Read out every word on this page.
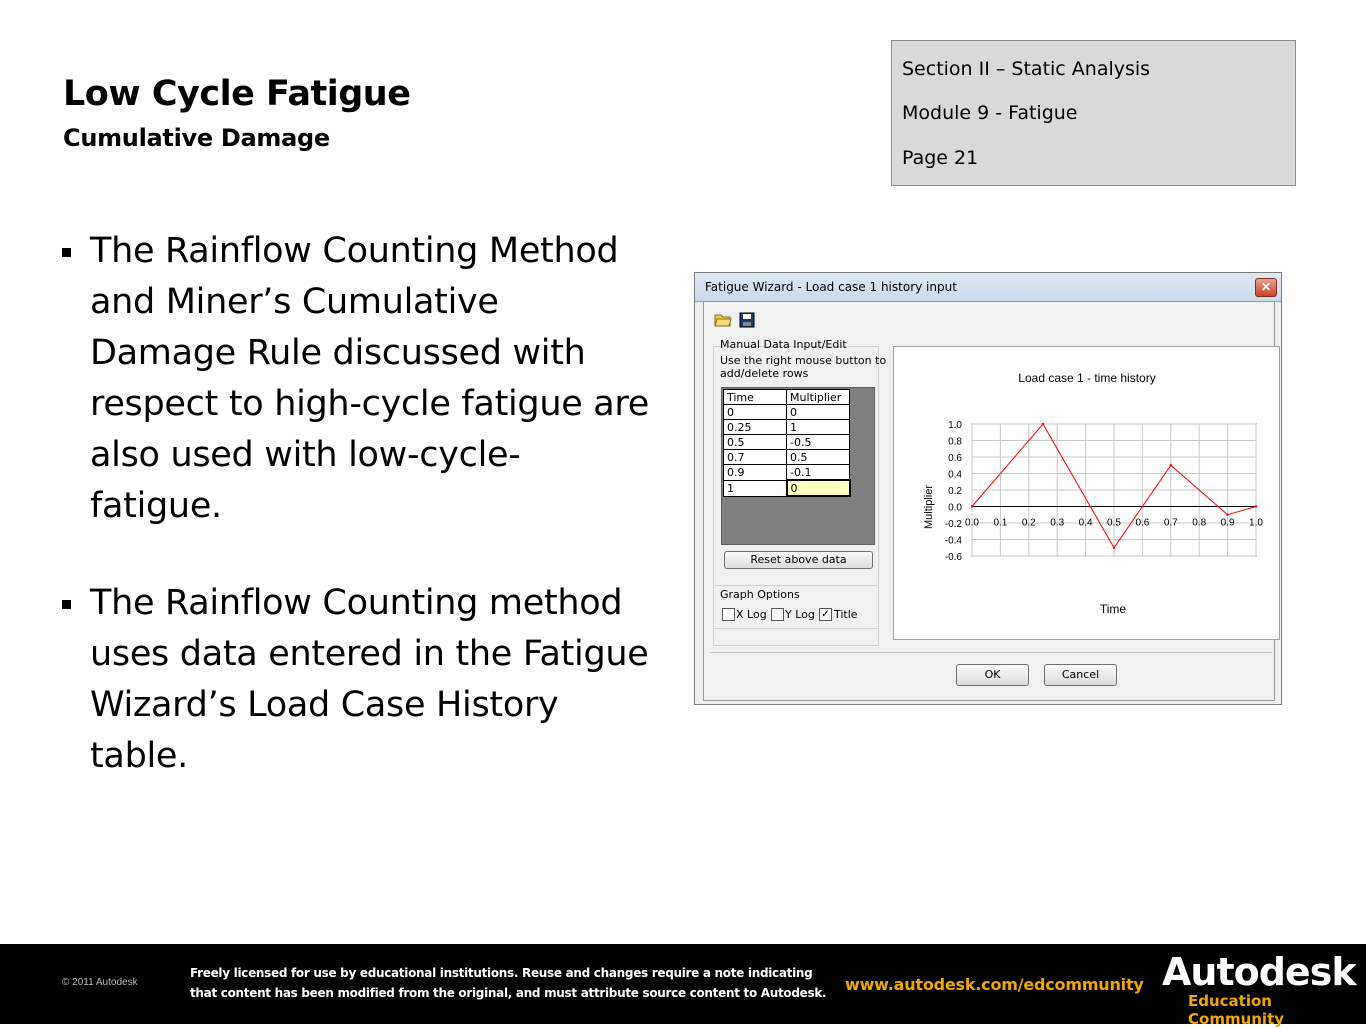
Low Cycle Fatigue
Cumulative Damage
Section II – Static Analysis
Module 9 - Fatigue
Page 21
The Rainflow Counting Method and Miner’s Cumulative Damage Rule discussed with respect to high-cycle fatigue are also used with low-cycle-fatigue.
The Rainflow Counting method uses data entered in the Fatigue Wizard’s Load Case History table.
Fatigue Wizard - Load case 1 history input	✕
Manual Data Input/Edit
Use the right mouse button to
add/delete rows
Time	Multiplier
0	0
0.25	1
0.5	-0.5
0.7	0.5
0.9	-0.1
1	0
Reset above data
Graph Options
X Log Y Log ✓ Title
1.0
0.8
0.6
0.4
0.2
0.0
-0.2
-0.4
-0.6
0.0 0.1 0.2 0.3 0.4 0.5 0.6 0.7 0.8 0.9 1.0
Load case 1 - time history
Time
Multiplier
OK	Cancel
© 2011 Autodesk
Freely licensed for use by educational institutions. Reuse and changes require a note indicating
that content has been modified from the original, and must attribute source content to Autodesk. www.autodesk.com/edcommunity Autodesk
Education Community
